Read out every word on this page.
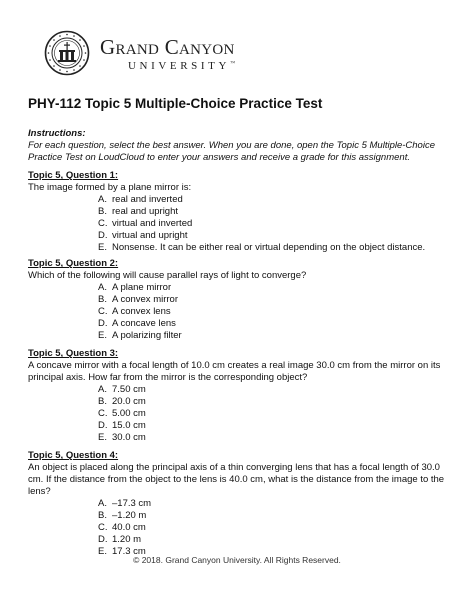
Grand Canyon
UNIVERSITY™
PHY-112 Topic 5 Multiple-Choice Practice Test
Instructions:
For each question, select the best answer. When you are done, open the Topic 5 Multiple-Choice Practice Test on LoudCloud to enter your answers and receive a grade for this assignment.
Topic 5, Question 1:
The image formed by a plane mirror is:
A. real and inverted
B. real and upright
C. virtual and inverted
D. virtual and upright
E. Nonsense. It can be either real or virtual depending on the object distance.
Topic 5, Question 2:
Which of the following will cause parallel rays of light to converge?
A. A plane mirror
B. A convex mirror
C. A convex lens
D. A concave lens
E. A polarizing filter
Topic 5, Question 3:
A concave mirror with a focal length of 10.0 cm creates a real image 30.0 cm from the mirror on its principal axis. How far from the mirror is the corresponding object?
A. 7.50 cm
B. 20.0 cm
C. 5.00 cm
D. 15.0 cm
E. 30.0 cm
Topic 5, Question 4:
An object is placed along the principal axis of a thin converging lens that has a focal length of 30.0 cm. If the distance from the object to the lens is 40.0 cm, what is the distance from the image to the lens?
A. –17.3 cm
B. –1.20 m
C. 40.0 cm
D. 1.20 m
E. 17.3 cm
© 2018. Grand Canyon University. All Rights Reserved.
